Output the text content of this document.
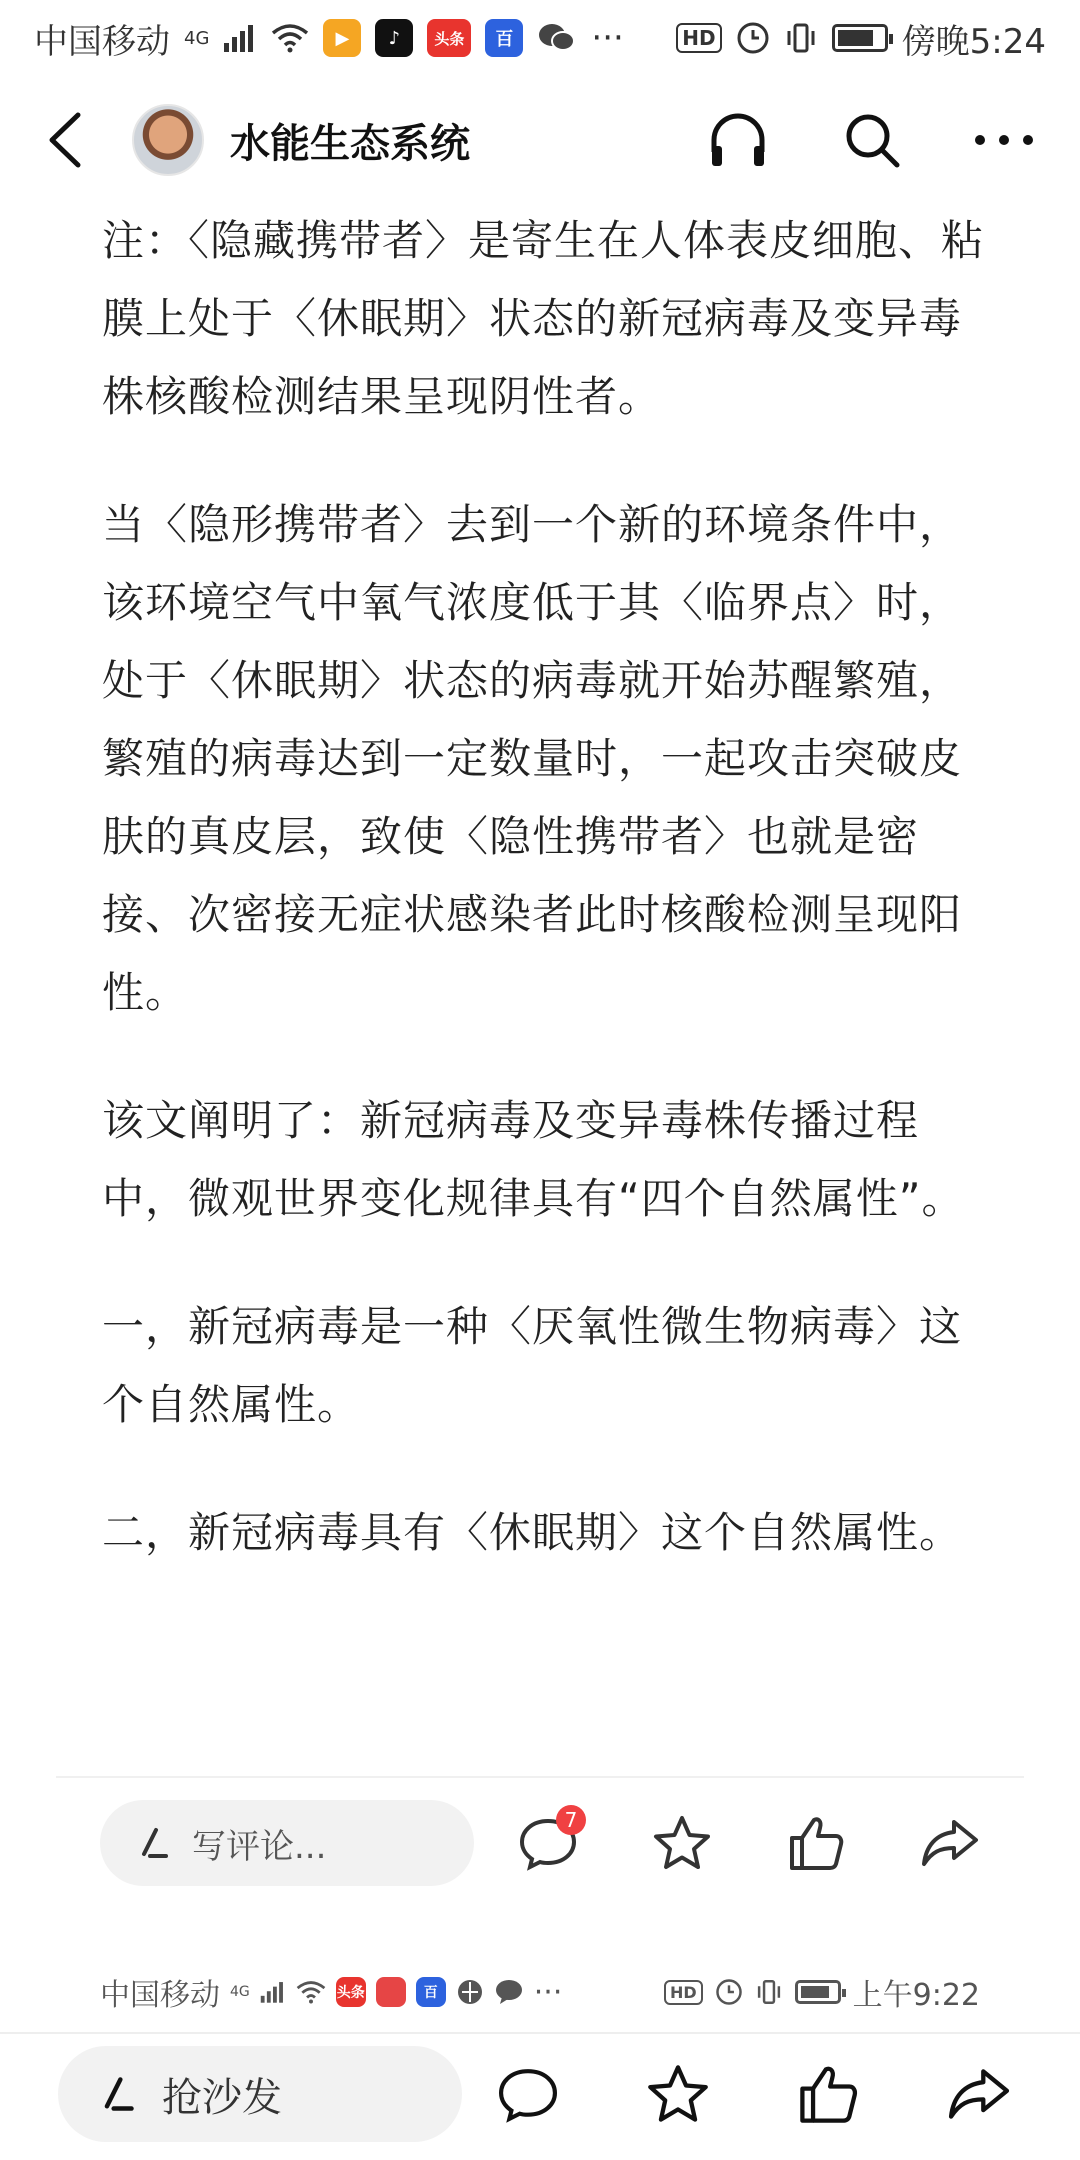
中国移动 4G	▶	♪	头条	百 ···	HD	傍晚5:24
水能生态系统

注：〈隐藏携带者〉是寄生在人体表皮细胞、粘膜上处于〈休眠期〉状态的新冠病毒及变异毒株核酸检测结果呈现阴性者。

当〈隐形携带者〉去到一个新的环境条件中，该环境空气中氧气浓度低于其〈临界点〉时，处于〈休眠期〉状态的病毒就开始苏醒繁殖，繁殖的病毒达到一定数量时，一起攻击突破皮肤的真皮层，致使〈隐性携带者〉也就是密接、次密接无症状感染者此时核酸检测呈现阳性。

该文阐明了：新冠病毒及变异毒株传播过程中，微观世界变化规律具有“四个自然属性”。

一，新冠病毒是一种〈厌氧性微生物病毒〉这个自然属性。

二，新冠病毒具有〈休眠期〉这个自然属性。

写评论...
7
中国移动 4G	头条	百	···	HD	上午9:22
抢沙发
